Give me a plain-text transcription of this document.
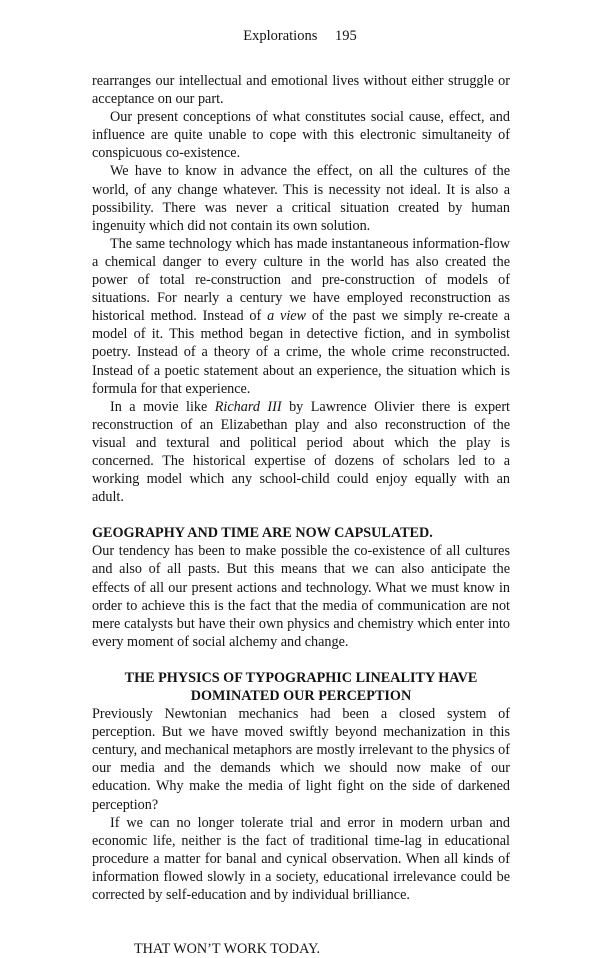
Explorations 195

rearranges our intellectual and emotional lives without either struggle or acceptance on our part.

Our present conceptions of what constitutes social cause, effect, and influence are quite unable to cope with this electronic simultaneity of conspicuous co-existence.

We have to know in advance the effect, on all the cultures of the world, of any change whatever. This is necessity not ideal. It is also a possibility. There was never a critical situation created by human ingenuity which did not contain its own solution.

The same technology which has made instantaneous information-flow a chemical danger to every culture in the world has also created the power of total re-construction and pre-construction of models of situations. For nearly a century we have employed reconstruction as historical method. Instead of a view of the past we simply re-create a model of it. This method began in detective fiction, and in symbolist poetry. Instead of a theory of a crime, the whole crime reconstructed. Instead of a poetic statement about an experience, the situation which is formula for that experience.

In a movie like Richard III by Lawrence Olivier there is expert reconstruction of an Elizabethan play and also reconstruction of the visual and textural and political period about which the play is concerned. The historical expertise of dozens of scholars led to a working model which any school-child could enjoy equally with an adult.

GEOGRAPHY AND TIME ARE NOW CAPSULATED.

Our tendency has been to make possible the co-existence of all cultures and also of all pasts. But this means that we can also anticipate the effects of all our present actions and technology. What we must know in order to achieve this is the fact that the media of communication are not mere catalysts but have their own physics and chemistry which enter into every moment of social alchemy and change.

THE PHYSICS OF TYPOGRAPHIC LINEALITY HAVE
DOMINATED OUR PERCEPTION

Previously Newtonian mechanics had been a closed system of perception. But we have moved swiftly beyond mechanization in this century, and mechanical metaphors are mostly irrelevant to the physics of our media and the demands which we should now make of our education. Why make the media of light fight on the side of darkened perception?

If we can no longer tolerate trial and error in modern urban and economic life, neither is the fact of traditional time-lag in educational procedure a matter for banal and cynical observation. When all kinds of information flowed slowly in a society, educational irrelevance could be corrected by self-education and by individual brilliance.

THAT WON’T WORK TODAY.
